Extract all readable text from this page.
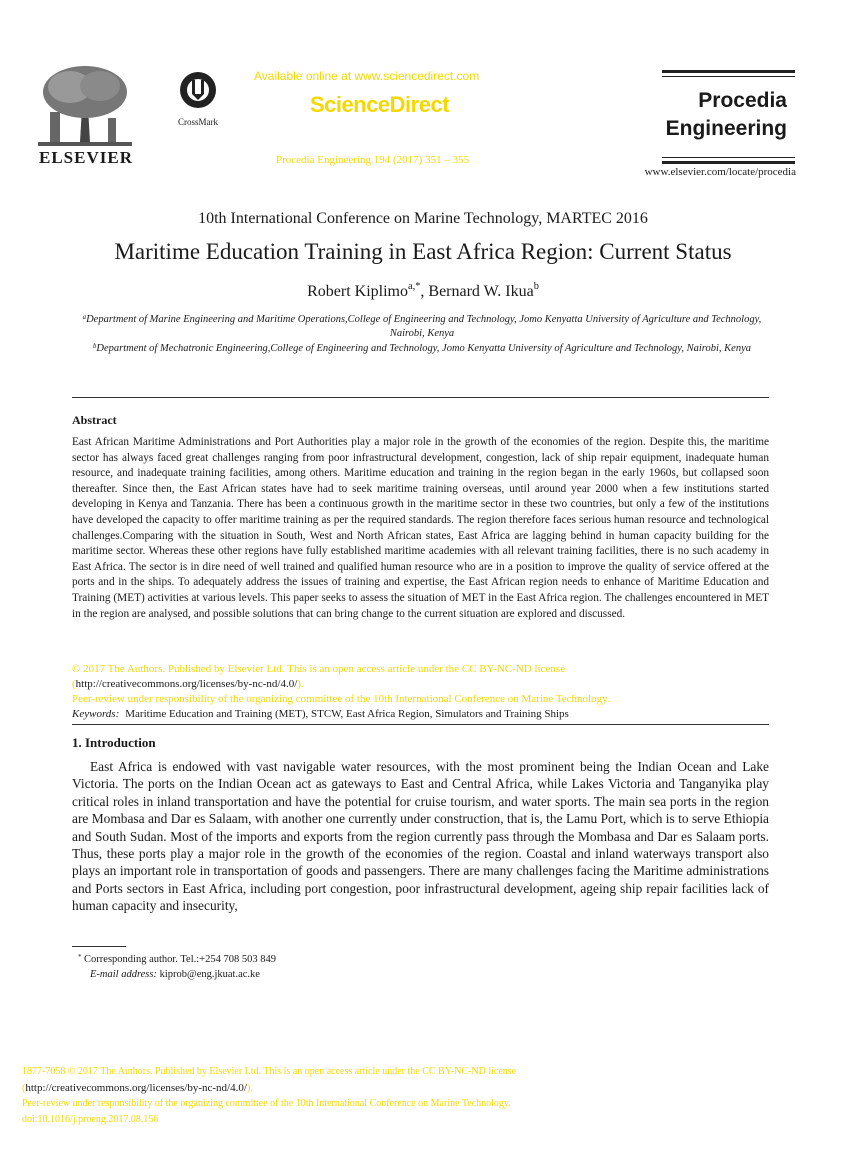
ELSEVIER
CrossMark
Available online at www.sciencedirect.com
ScienceDirect
Procedia Engineering 194 (2017) 351 – 355
Procedia
Engineering
www.elsevier.com/locate/procedia
10th International Conference on Marine Technology, MARTEC 2016
Maritime Education Training in East Africa Region: Current Status
Robert Kiplimo$^{a,*}$, Bernard W. Ikua$^b$
$^a$Department of Marine Engineering and Maritime Operations,College of Engineering and Technology, Jomo Kenyatta University of Agriculture and Technology, Nairobi, Kenya
$^b$Department of Mechatronic Engineering,College of Engineering and Technology, Jomo Kenyatta University of Agriculture and Technology, Nairobi, Kenya
Abstract
East African Maritime Administrations and Port Authorities play a major role in the growth of the economies of the region. Despite this, the maritime sector has always faced great challenges ranging from poor infrastructural development, congestion, lack of ship repair equipment, inadequate human resource, and inadequate training facilities, among others. Maritime education and training in the region began in the early 1960s, but collapsed soon thereafter. Since then, the East African states have had to seek maritime training overseas, until around year 2000 when a few institutions started developing in Kenya and Tanzania. There has been a continuous growth in the maritime sector in these two countries, but only a few of the institutions have developed the capacity to offer maritime training as per the required standards. The region therefore faces serious human resource and technological challenges.Comparing with the situation in South, West and North African states, East Africa are lagging behind in human capacity building for the maritime sector. Whereas these other regions have fully established maritime academies with all relevant training facilities, there is no such academy in East Africa. The sector is in dire need of well trained and qualified human resource who are in a position to improve the quality of service offered at the ports and in the ships. To adequately address the issues of training and expertise, the East African region needs to enhance of Maritime Education and Training (MET) activities at various levels. This paper seeks to assess the situation of MET in the East Africa region. The challenges encountered in MET in the region are analysed, and possible solutions that can bring change to the current situation are explored and discussed.
© 2017 The Authors. Published by Elsevier Ltd. This is an open access article under the CC BY-NC-ND license
(http://creativecommons.org/licenses/by-nc-nd/4.0/).
Peer-review under responsibility of the organizing committee of the 10th International Conference on Marine Technology.
Keywords: Maritime Education and Training (MET), STCW, East Africa Region, Simulators and Training Ships
1. Introduction

East Africa is endowed with vast navigable water resources, with the most prominent being the Indian Ocean and Lake Victoria. The ports on the Indian Ocean act as gateways to East and Central Africa, while Lakes Victoria and Tanganyika play critical roles in inland transportation and have the potential for cruise tourism, and water sports. The main sea ports in the region are Mombasa and Dar es Salaam, with another one currently under construction, that is, the Lamu Port, which is to serve Ethiopia and South Sudan. Most of the imports and exports from the region currently pass through the Mombasa and Dar es Salaam ports. Thus, these ports play a major role in the growth of the economies of the region. Coastal and inland waterways transport also plays an important role in transportation of goods and passengers. There are many challenges facing the Maritime administrations and Ports sectors in East Africa, including port congestion, poor infrastructural development, ageing ship repair facilities lack of human capacity and insecurity,

* Corresponding author. Tel.:+254 708 503 849
E-mail address: kiprob@eng.jkuat.ac.ke
1877-7058 © 2017 The Authors. Published by Elsevier Ltd. This is an open access article under the CC BY-NC-ND license
(http://creativecommons.org/licenses/by-nc-nd/4.0/).
Peer-review under responsibility of the organizing committee of the 10th International Conference on Marine Technology.
doi:10.1016/j.proeng.2017.08.156
